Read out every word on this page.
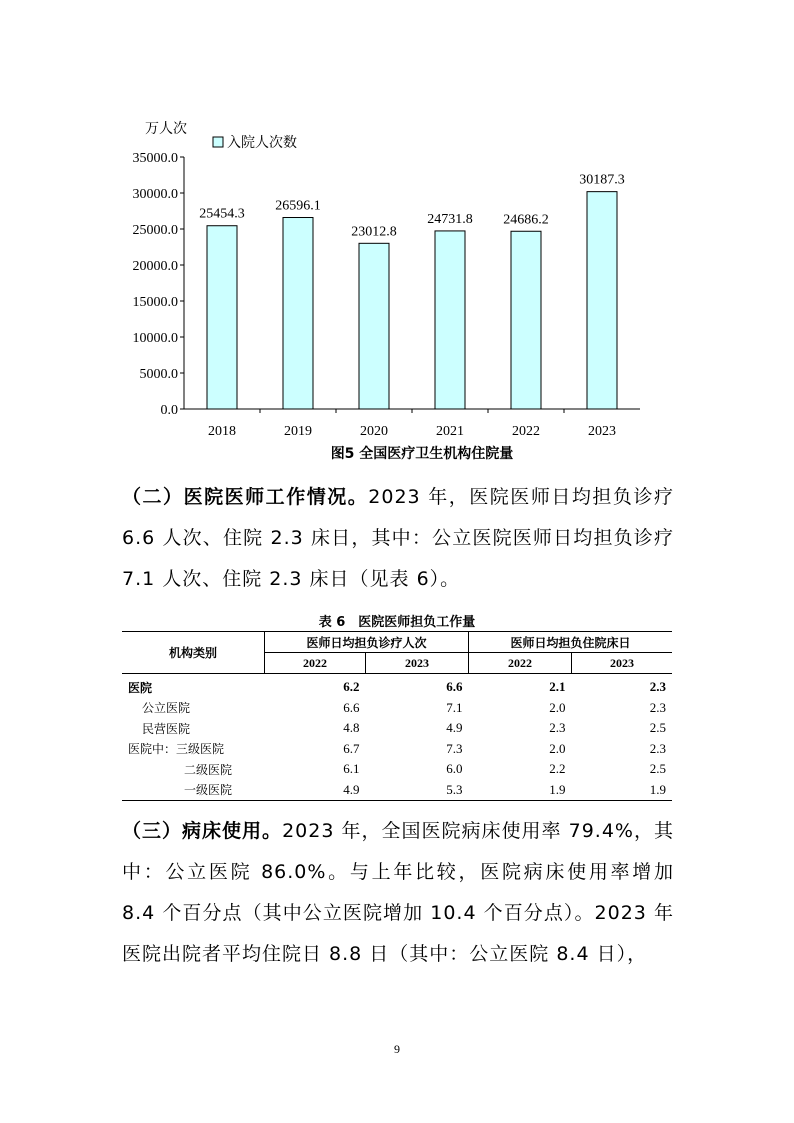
万人次
入院人次数
0.0
5000.0
10000.0
15000.0
20000.0
25000.0
30000.0
35000.0
25454.3
26596.1
23012.8
24731.8 24686.2
30187.3
2018	2019	2020	2021	2022	2023
图5 全国医疗卫生机构住院量
（二）医院医师工作情况。2023 年，医院医师日均担负诊疗 6.6 人次、住院 2.3 床日，其中：公立医院医师日均担负诊疗 7.1 人次、住院 2.3 床日（见表 6）。
表 6　医院医师担负工作量
机构类别	医师日均担负诊疗人次		医师日均担负住院床日	
	2022	2023	2022	2023
医院	6.2	6.6	2.1	2.3
公立医院	6.6	7.1	2.0	2.3
民营医院	4.8	4.9	2.3	2.5
医院中：三级医院	6.7	7.3	2.0	2.3
二级医院	6.1	6.0	2.2	2.5
一级医院	4.9	5.3	1.9	1.9
（三）病床使用。2023 年，全国医院病床使用率 79.4%，其中：公立医院 86.0%。与上年比较，医院病床使用率增加 8.4 个百分点（其中公立医院增加 10.4 个百分点）。2023 年医院出院者平均住院日 8.8 日（其中：公立医院 8.4 日），
9
